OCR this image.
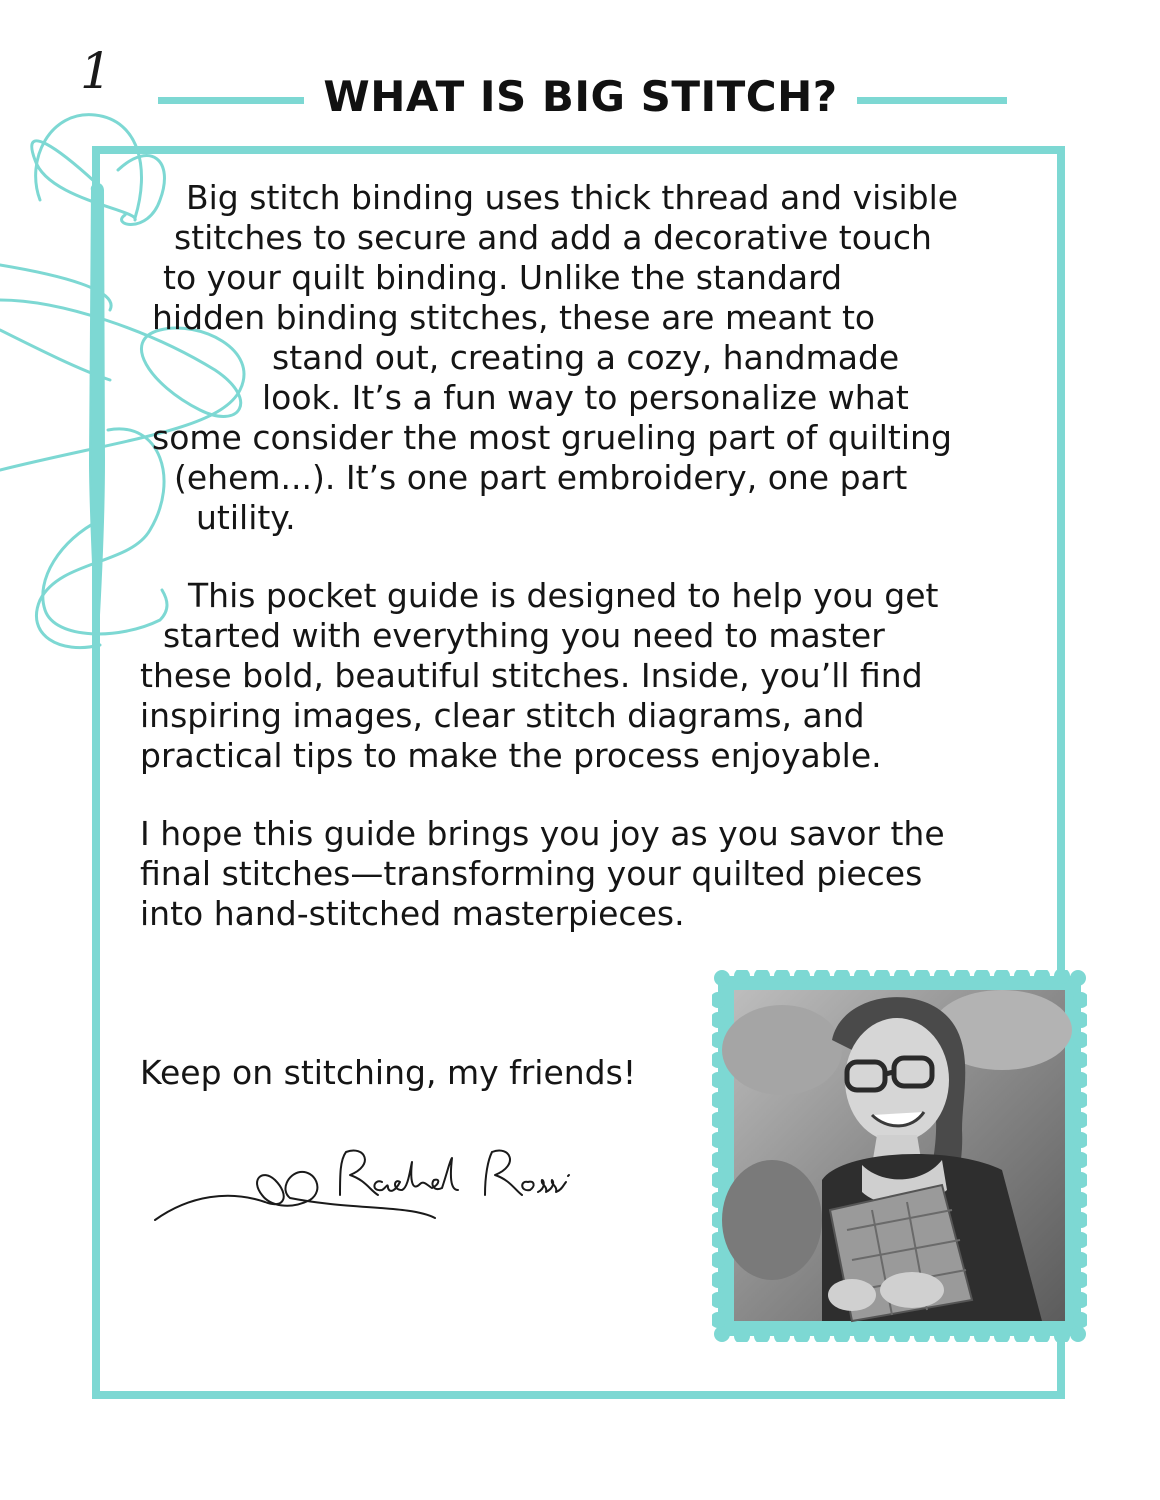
1	WHAT IS BIG STITCH?

Big stitch binding uses thick thread and visible

stitches to secure and add a decorative touch

to your quilt binding. Unlike the standard

hidden binding stitches, these are meant to

stand out, creating a cozy, handmade

look. It’s a fun way to personalize what

some consider the most grueling part of quilting

(ehem...). It’s one part embroidery, one part

utility.

This pocket guide is designed to help you get

started with everything you need to master

these bold, beautiful stitches. Inside, you’ll find

inspiring images, clear stitch diagrams, and

practical tips to make the process enjoyable.

I hope this guide brings you joy as you savor the

final stitches—transforming your quilted pieces

into hand-stitched masterpieces.

Keep on stitching, my friends!
